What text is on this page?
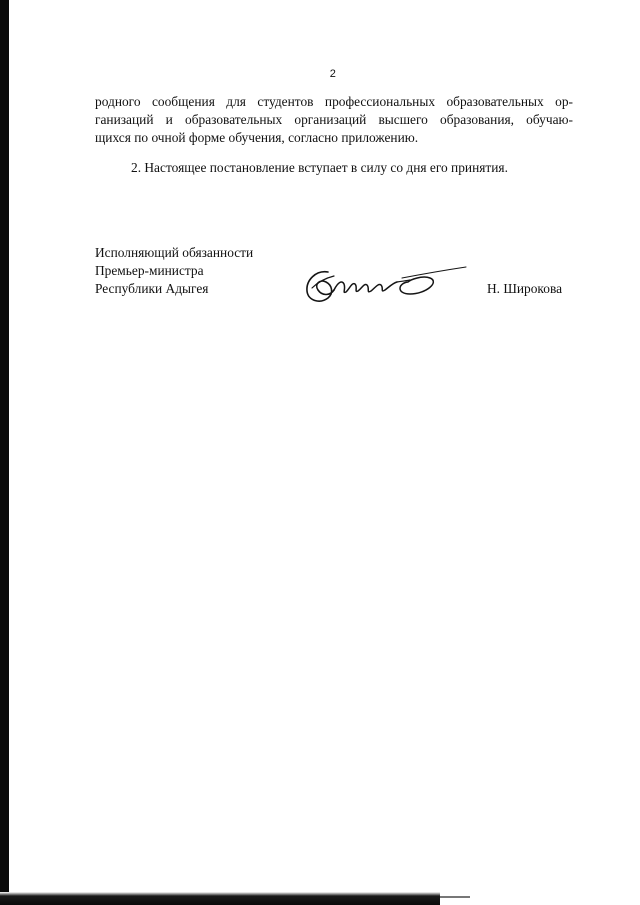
2

родного сообщения для студентов профессиональных образовательных ор-
ганизаций и образовательных организаций высшего образования, обучаю-
щихся по очной форме обучения, согласно приложению.

2. Настоящее постановление вступает в силу со дня его принятия.

Исполняющий обязанности
Премьер-министра
Республики Адыгея	Н. Широкова
